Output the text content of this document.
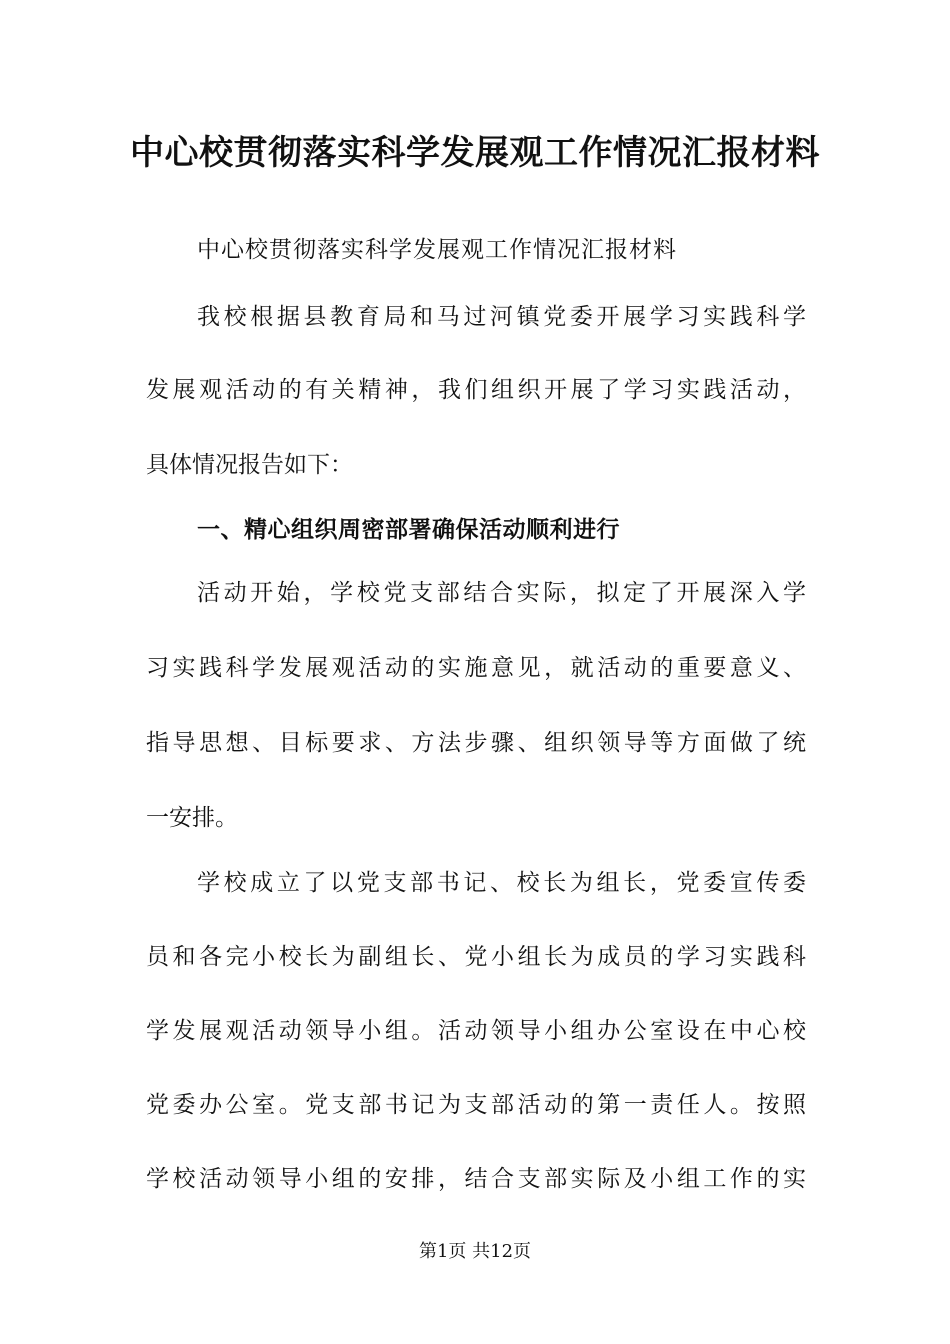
中心校贯彻落实科学发展观工作情况汇报材料

中心校贯彻落实科学发展观工作情况汇报材料

我校根据县教育局和马过河镇党委开展学习实践科学

发展观活动的有关精神，我们组织开展了学习实践活动，

具体情况报告如下：

一、精心组织周密部署确保活动顺利进行

活动开始，学校党支部结合实际，拟定了开展深入学

习实践科学发展观活动的实施意见，就活动的重要意义、

指导思想、目标要求、方法步骤、组织领导等方面做了统

一安排。

学校成立了以党支部书记、校长为组长，党委宣传委

员和各完小校长为副组长、党小组长为成员的学习实践科

学发展观活动领导小组。活动领导小组办公室设在中心校

党委办公室。党支部书记为支部活动的第一责任人。按照

学校活动领导小组的安排，结合支部实际及小组工作的实

第1页 共12页
